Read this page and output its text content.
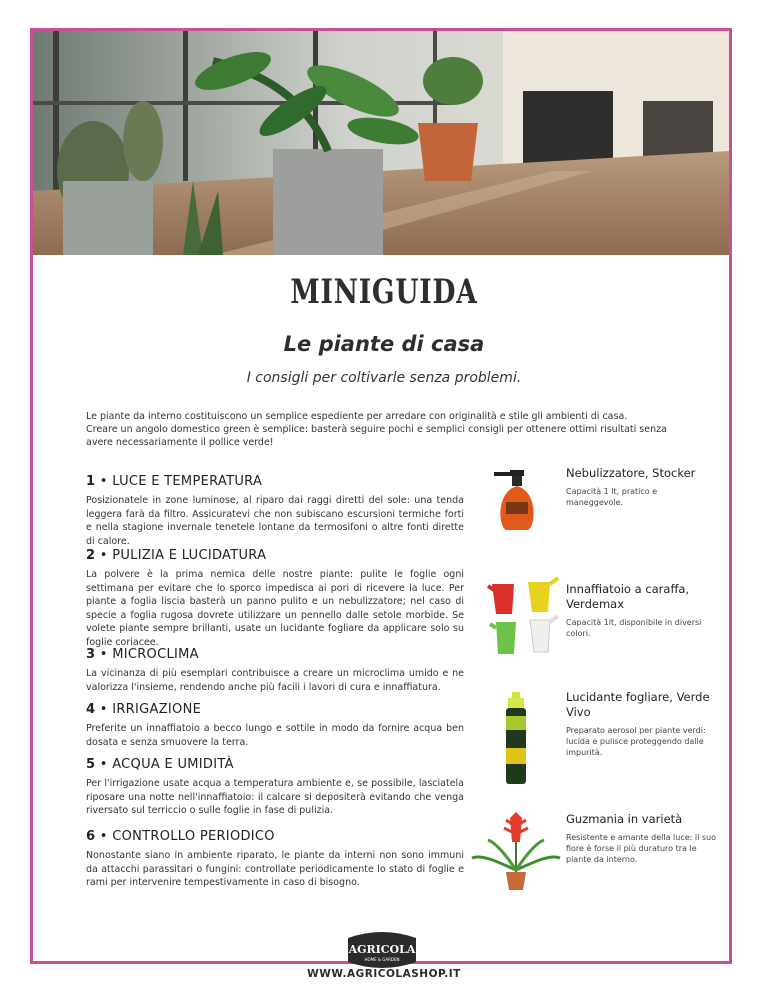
MINIGUIDA
Le piante di casa
I consigli per coltivarle senza problemi.
Le piante da interno costituiscono un semplice espediente per arredare con originalità e stile gli ambienti di casa.
Creare un angolo domestico green è semplice: basterà seguire pochi e semplici consigli per ottenere ottimi risultati senza avere necessariamente il pollice verde!
1 • LUCE E TEMPERATURA
Posizionatele in zone luminose, al riparo dai raggi diretti del sole: una tenda leggera farà da filtro. Assicuratevi che non subiscano escursioni termiche forti e nella stagione invernale tenetele lontane da termosifoni o altre fonti dirette di calore.
2 • PULIZIA E LUCIDATURA
La polvere è la prima nemica delle nostre piante: pulite le foglie ogni settimana per evitare che lo sporco impedisca ai pori di ricevere la luce. Per piante a foglia liscia basterà un panno pulito e un nebulizzatore; nel caso di specie a foglia rugosa dovrete utilizzare un pennello dalle setole morbide. Se volete piante sempre brillanti, usate un lucidante fogliare da applicare solo su foglie coriacee.
3 • MICROCLIMA
La vicinanza di più esemplari contribuisce a creare un microclima umido e ne valorizza l'insieme, rendendo anche più facili i lavori di cura e innaffiatura.
4 • IRRIGAZIONE
Preferite un innaffiatoio a becco lungo e sottile in modo da fornire acqua ben dosata e senza smuovere la terra.
5 • ACQUA E UMIDITÀ
Per l'irrigazione usate acqua a temperatura ambiente e, se possibile, lasciatela riposare una notte nell'innaffiatoio: il calcare si depositerà evitando che venga riversato sul terriccio o sulle foglie in fase di pulizia.
6 • CONTROLLO PERIODICO
Nonostante siano in ambiente riparato, le piante da interni non sono immuni da attacchi parassitari o fungini: controllate periodicamente lo stato di foglie e rami per intervenire tempestivamente in caso di bisogno.
Nebulizzatore, Stocker
Capacità 1 lt, pratico e maneggevole.
Innaffiatoio a caraffa, Verdemax
Capacità 1lt, disponibile in diversi colori.
Lucidante fogliare, Verde Vivo
Preparato aerosol per piante verdi: lucida e pulisce proteggendo dalle impurità.
Guzmania in varietà
Resistente e amante della luce: il suo fiore è forse il più duraturo tra le piante da interno.
AGRICOLA
HOME & GARDEN
WWW.AGRICOLASHOP.IT
